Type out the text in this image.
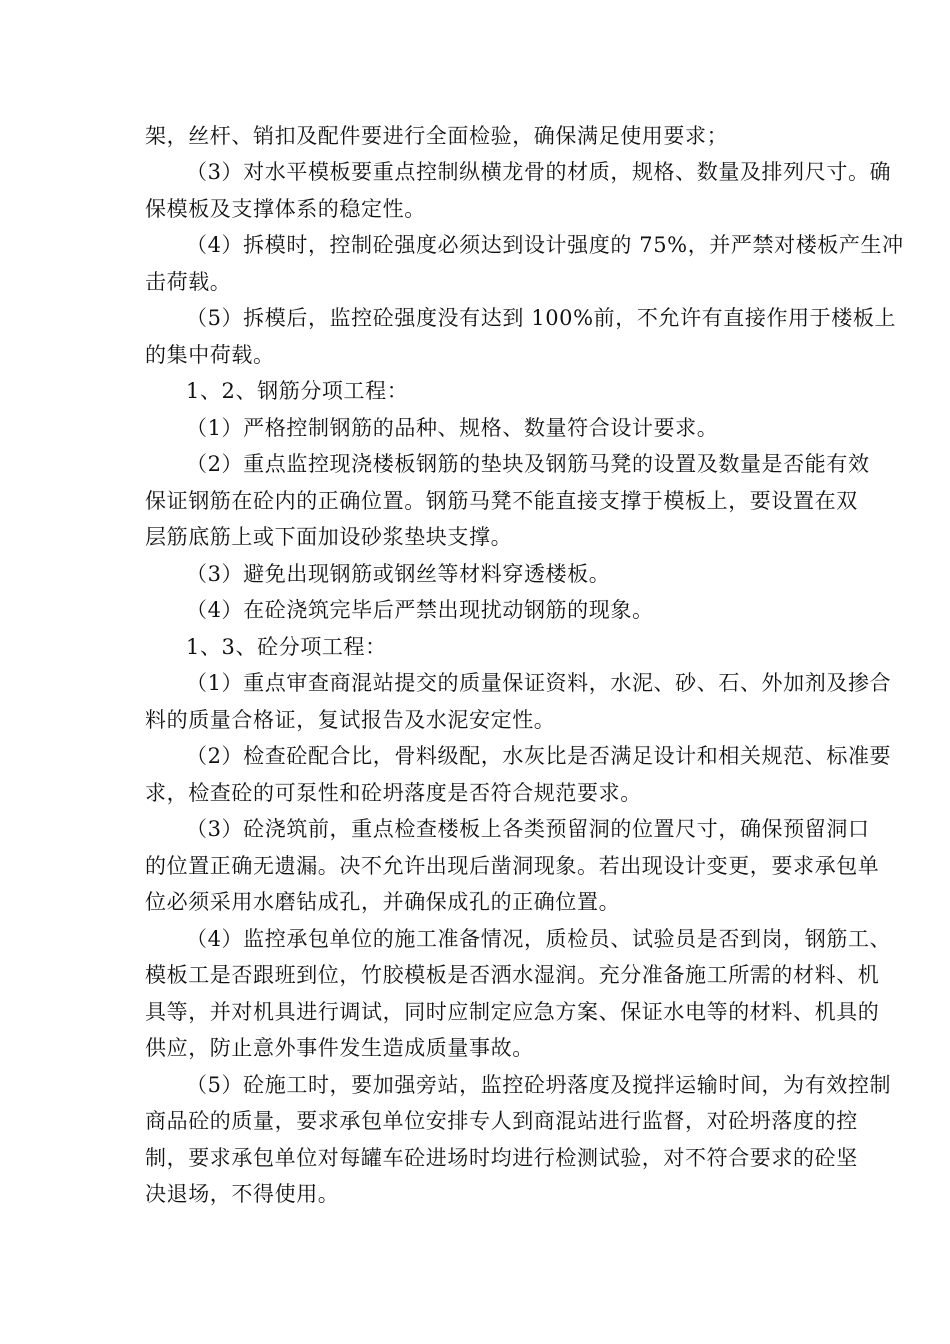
架，丝杆、销扣及配件要进行全面检验，确保满足使用要求；
（3）对水平模板要重点控制纵横龙骨的材质，规格、数量及排列尺寸。确
保模板及支撑体系的稳定性。
（4）拆模时，控制砼强度必须达到设计强度的 75%，并严禁对楼板产生冲
击荷载。
（5）拆模后，监控砼强度没有达到 100%前，不允许有直接作用于楼板上
的集中荷载。
1、2、钢筋分项工程：
（1）严格控制钢筋的品种、规格、数量符合设计要求。
（2）重点监控现浇楼板钢筋的垫块及钢筋马凳的设置及数量是否能有效
保证钢筋在砼内的正确位置。钢筋马凳不能直接支撑于模板上，要设置在双
层筋底筋上或下面加设砂浆垫块支撑。
（3）避免出现钢筋或钢丝等材料穿透楼板。
（4）在砼浇筑完毕后严禁出现扰动钢筋的现象。
1、3、砼分项工程：
（1）重点审查商混站提交的质量保证资料，水泥、砂、石、外加剂及掺合
料的质量合格证，复试报告及水泥安定性。
（2）检查砼配合比，骨料级配，水灰比是否满足设计和相关规范、标准要
求，检查砼的可泵性和砼坍落度是否符合规范要求。
（3）砼浇筑前，重点检查楼板上各类预留洞的位置尺寸，确保预留洞口
的位置正确无遗漏。决不允许出现后凿洞现象。若出现设计变更，要求承包单
位必须采用水磨钻成孔，并确保成孔的正确位置。
（4）监控承包单位的施工准备情况，质检员、试验员是否到岗，钢筋工、
模板工是否跟班到位，竹胶模板是否洒水湿润。充分准备施工所需的材料、机
具等，并对机具进行调试，同时应制定应急方案、保证水电等的材料、机具的
供应，防止意外事件发生造成质量事故。
（5）砼施工时，要加强旁站，监控砼坍落度及搅拌运输时间，为有效控制
商品砼的质量，要求承包单位安排专人到商混站进行监督，对砼坍落度的控
制，要求承包单位对每罐车砼进场时均进行检测试验，对不符合要求的砼坚
决退场，不得使用。
